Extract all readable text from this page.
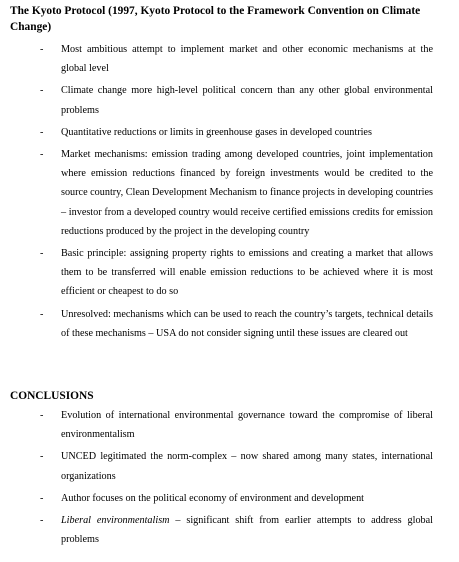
The Kyoto Protocol (1997, Kyoto Protocol to the Framework Convention on Climate Change)
-	Most ambitious attempt to implement market and other economic mechanisms at the global level
-	Climate change more high-level political concern than any other global environmental problems
-	Quantitative reductions or limits in greenhouse gases in developed countries
-	Market mechanisms: emission trading among developed countries, joint implementation where emission reductions financed by foreign investments would be credited to the source country, Clean Development Mechanism to finance projects in developing countries – investor from a developed country would receive certified emissions credits for emission reductions produced by the project in the developing country
-	Basic principle: assigning property rights to emissions and creating a market that allows them to be transferred will enable emission reductions to be achieved where it is most efficient or cheapest to do so
-	Unresolved: mechanisms which can be used to reach the country’s targets, technical details of these mechanisms – USA do not consider signing until these issues are cleared out
CONCLUSIONS
-	Evolution of international environmental governance toward the compromise of liberal environmentalism
-	UNCED legitimated the norm-complex – now shared among many states, international organizations
-	Author focuses on the political economy of environment and development
-	Liberal environmentalism – significant shift from earlier attempts to address global problems
